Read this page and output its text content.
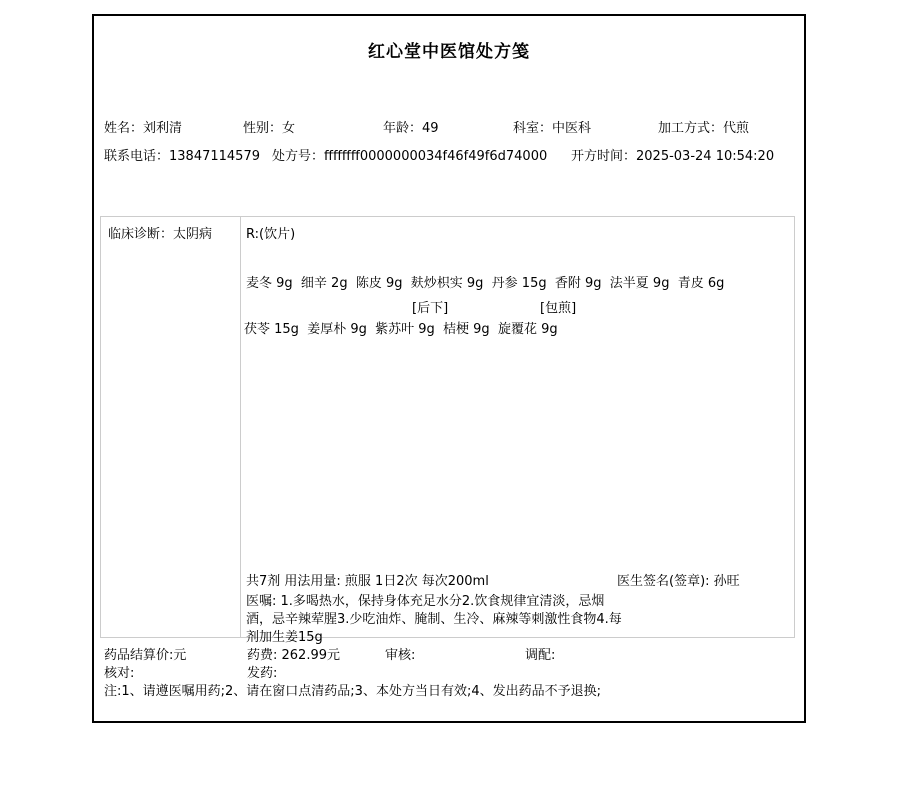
红心堂中医馆处方笺
姓名：刘利清	性别：女	年龄：49	科室：中医科	加工方式：代煎
联系电话：13847114579 处方号：ffffffff0000000034f46f49f6d74000 开方时间：2025-03-24 10:54:20
临床诊断：太阴病	R:(饮片)
麦冬 9g  细辛 2g  陈皮 9g  麸炒枳实 9g  丹参 15g  香附 9g  法半夏 9g  青皮 6g
[后下]	[包煎]
茯苓 15g  姜厚朴 9g  紫苏叶 9g  桔梗 9g  旋覆花 9g
共7剂 用法用量: 煎服 1日2次 每次200ml	医生签名(签章): 孙旺
医嘱: 1.多喝热水，保持身体充足水分2.饮食规律宜清淡，忌烟
酒，忌辛辣荤腥3.少吃油炸、腌制、生冷、麻辣等刺激性食物4.每
剂加生姜15g
药品结算价:元	药费: 262.99元	审核:	调配:
核对:	发药:
注:1、请遵医嘱用药;2、请在窗口点清药品;3、本处方当日有效;4、发出药品不予退换;
